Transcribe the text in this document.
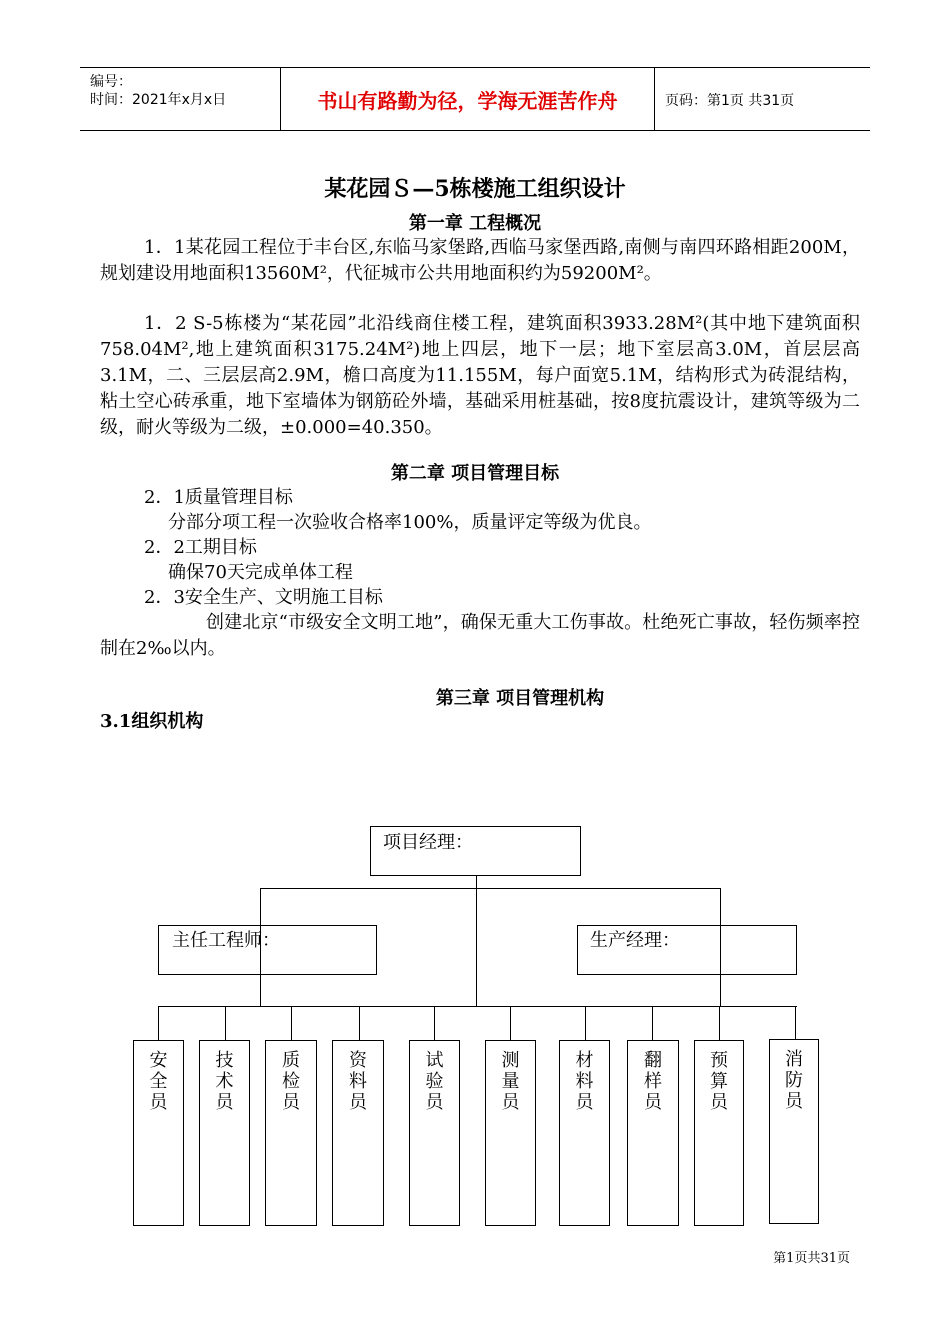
编号：
时间：2021年x月x日	书山有路勤为径，学海无涯苦作舟	页码：第1页 共31页
某花园Ｓ—5栋楼施工组织设计
第一章 工程概况
1．1某花园工程位于丰台区,东临马家堡路,西临马家堡西路,南侧与南四环路相距200M，规划建设用地面积13560M²，代征城市公共用地面积约为59200M²。
1．2 S-5栋楼为“某花园”北沿线商住楼工程，建筑面积3933.28M²(其中地下建筑面积758.04M²,地上建筑面积3175.24M²)地上四层，地下一层；地下室层高3.0M，首层层高3.1M，二、三层层高2.9M，檐口高度为11.155M，每户面宽5.1M，结构形式为砖混结构，粘土空心砖承重，地下室墙体为钢筋砼外墙，基础采用桩基础，按8度抗震设计，建筑等级为二级，耐火等级为二级，±0.000=40.350。
第二章 项目管理目标
2．1质量管理目标
分部分项工程一次验收合格率100%，质量评定等级为优良。
2．2工期目标
确保70天完成单体工程
2．3安全生产、文明施工目标
创建北京“市级安全文明工地”，确保无重大工伤事故。杜绝死亡事故，轻伤频率控制在2‰以内。
第三章 项目管理机构
3.1组织机构
项目经理：
主任工程师：	生产经理：
安
全
员
技
术
员
质
检
员
资
料
员
试
验
员
测
量
员
材
料
员
翻
样
员
预
算
员
消
防
员
第1页共31页
